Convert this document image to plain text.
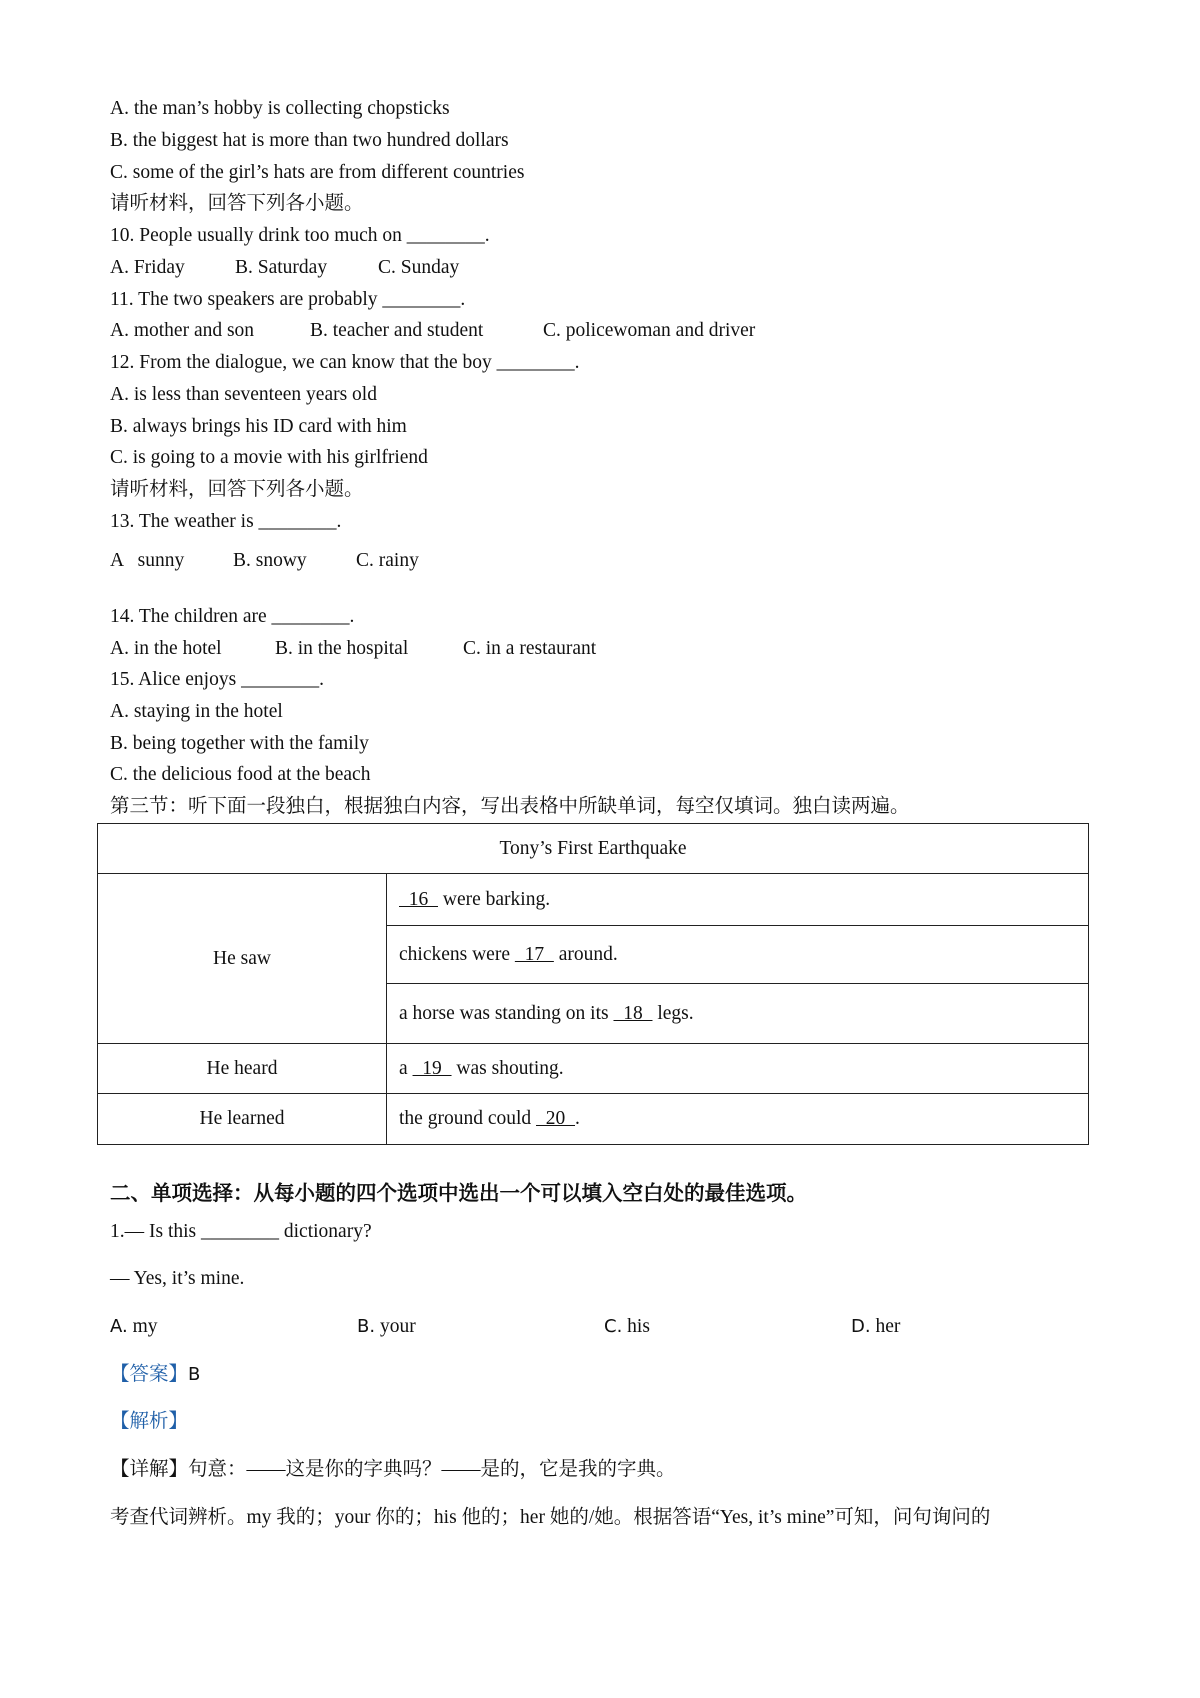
A. the man’s hobby is collecting chopsticks
B. the biggest hat is more than two hundred dollars
C. some of the girl’s hats are from different countries
请听材料，回答下列各小题。
10. People usually drink too much on ________.
A. Friday	B. Saturday	C. Sunday
11. The two speakers are probably ________.
A. mother and son	B. teacher and student	C. policewoman and driver
12. From the dialogue, we can know that the boy ________.
A. is less than seventeen years old
B. always brings his ID card with him
C. is going to a movie with his girlfriend
请听材料，回答下列各小题。
13. The weather is ________.
A   sunny	B. snowy	C. rainy
14. The children are ________.
A. in the hotel	B. in the hospital	C. in a restaurant
15. Alice enjoys ________.
A. staying in the hotel
B. being together with the family
C. the delicious food at the beach
第三节：听下面一段独白，根据独白内容，写出表格中所缺单词，每空仅填词。独白读两遍。
Tony’s First Earthquake	
He saw	16   were barking.
	chickens were   17   around.
	a horse was standing on its   18   legs.
He heard	a   19   was shouting.
He learned	the ground could   20  .
二、单项选择：从每小题的四个选项中选出一个可以填入空白处的最佳选项。
1.— Is this ________ dictionary?
— Yes, it’s mine.
A. my	B. your	C. his	D. her
【答案】B
【解析】
【详解】句意：——这是你的字典吗？——是的，它是我的字典。
考查代词辨析。my 我的；your 你的；his 他的；her 她的/她。根据答语“Yes, it’s mine”可知，问句询问的
